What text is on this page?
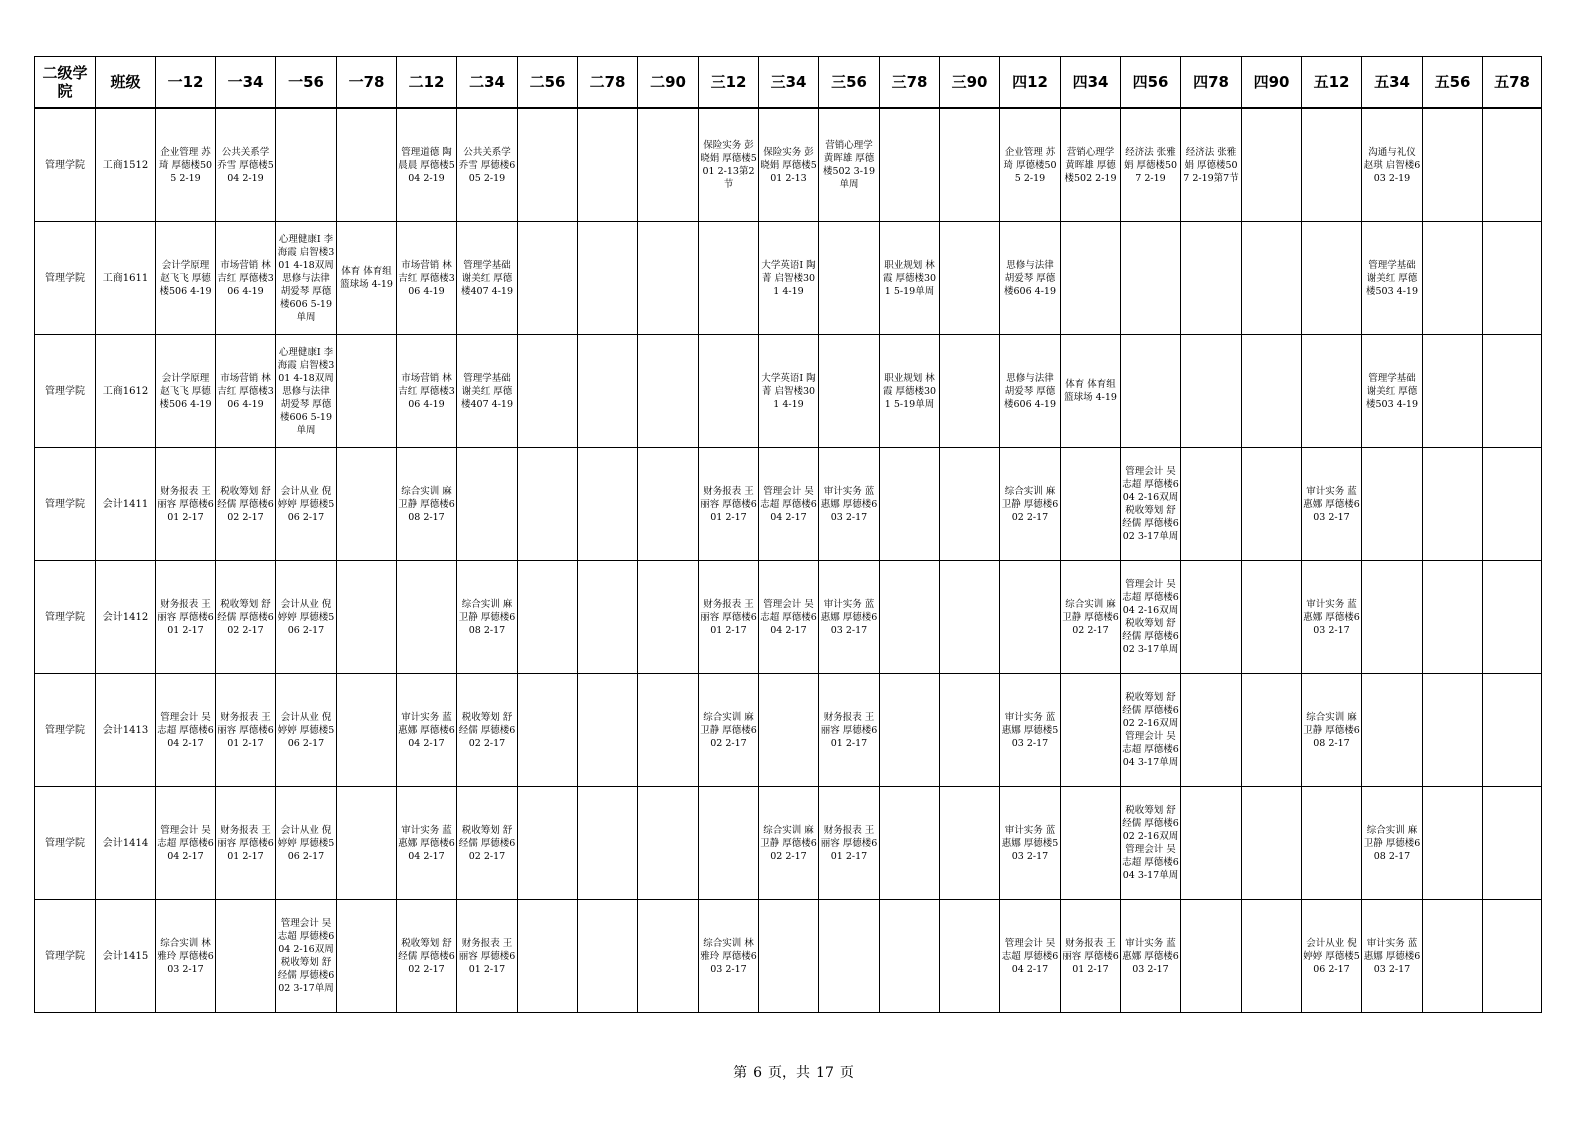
二级学院	班级	一12	一34	一56	一78	二12	二34	二56	二78	二90	三12	三34	三56	三78	三90	四12	四34	四56	四78	四90	五12	五34	五56	五78
管理学院	工商1512	企业管理 苏琦 厚德楼505 2-19	公共关系学 乔雪 厚德楼504 2-19			管理道德 陶晨晨 厚德楼504 2-19	公共关系学 乔雪 厚德楼605 2-19				保险实务 彭晓娟 厚德楼501 2-13第2节	保险实务 彭晓娟 厚德楼501 2-13	营销心理学 黄晖雄 厚德楼502 3-19单周			企业管理 苏琦 厚德楼505 2-19	营销心理学 黄晖雄 厚德楼502 2-19	经济法 张雅娟 厚德楼507 2-19	经济法 张雅娟 厚德楼507 2-19第7节			沟通与礼仪 赵琪 启智楼603 2-19		
管理学院	工商1611	会计学原理 赵飞飞 厚德楼506 4-19	市场营销 林吉红 厚德楼306 4-19	心理健康Ⅰ 李海霞 启智楼301 4-18双周 思修与法律 胡爱琴 厚德楼606 5-19单周	体育 体育组 篮球场 4-19	市场营销 林吉红 厚德楼306 4-19	管理学基础 谢美红 厚德楼407 4-19					大学英语Ⅰ 陶菁 启智楼301 4-19		职业规划 林霞 厚德楼301 5-19单周		思修与法律 胡爱琴 厚德楼606 4-19						管理学基础 谢美红 厚德楼503 4-19		
管理学院	工商1612	会计学原理 赵飞飞 厚德楼506 4-19	市场营销 林吉红 厚德楼306 4-19	心理健康Ⅰ 李海霞 启智楼301 4-18双周 思修与法律 胡爱琴 厚德楼606 5-19单周		市场营销 林吉红 厚德楼306 4-19	管理学基础 谢美红 厚德楼407 4-19					大学英语Ⅰ 陶菁 启智楼301 4-19		职业规划 林霞 厚德楼301 5-19单周		思修与法律 胡爱琴 厚德楼606 4-19	体育 体育组 篮球场 4-19					管理学基础 谢美红 厚德楼503 4-19		
管理学院	会计1411	财务报表 王丽容 厚德楼601 2-17	税收筹划 舒经儒 厚德楼602 2-17	会计从业 倪婷婷 厚德楼506 2-17		综合实训 麻卫静 厚德楼608 2-17					财务报表 王丽容 厚德楼601 2-17	管理会计 吴志超 厚德楼604 2-17	审计实务 蓝惠娜 厚德楼603 2-17			综合实训 麻卫静 厚德楼602 2-17		管理会计 吴志超 厚德楼604 2-16双周 税收筹划 舒经儒 厚德楼602 3-17单周			审计实务 蓝惠娜 厚德楼603 2-17			
管理学院	会计1412	财务报表 王丽容 厚德楼601 2-17	税收筹划 舒经儒 厚德楼602 2-17	会计从业 倪婷婷 厚德楼506 2-17			综合实训 麻卫静 厚德楼608 2-17				财务报表 王丽容 厚德楼601 2-17	管理会计 吴志超 厚德楼604 2-17	审计实务 蓝惠娜 厚德楼603 2-17				综合实训 麻卫静 厚德楼602 2-17	管理会计 吴志超 厚德楼604 2-16双周 税收筹划 舒经儒 厚德楼602 3-17单周			审计实务 蓝惠娜 厚德楼603 2-17			
管理学院	会计1413	管理会计 吴志超 厚德楼604 2-17	财务报表 王丽容 厚德楼601 2-17	会计从业 倪婷婷 厚德楼506 2-17		审计实务 蓝惠娜 厚德楼604 2-17	税收筹划 舒经儒 厚德楼602 2-17				综合实训 麻卫静 厚德楼602 2-17		财务报表 王丽容 厚德楼601 2-17			审计实务 蓝惠娜 厚德楼503 2-17		税收筹划 舒经儒 厚德楼602 2-16双周 管理会计 吴志超 厚德楼604 3-17单周			综合实训 麻卫静 厚德楼608 2-17			
管理学院	会计1414	管理会计 吴志超 厚德楼604 2-17	财务报表 王丽容 厚德楼601 2-17	会计从业 倪婷婷 厚德楼506 2-17		审计实务 蓝惠娜 厚德楼604 2-17	税收筹划 舒经儒 厚德楼602 2-17					综合实训 麻卫静 厚德楼602 2-17	财务报表 王丽容 厚德楼601 2-17			审计实务 蓝惠娜 厚德楼503 2-17		税收筹划 舒经儒 厚德楼602 2-16双周 管理会计 吴志超 厚德楼604 3-17单周				综合实训 麻卫静 厚德楼608 2-17		
管理学院	会计1415	综合实训 林雅玲 厚德楼603 2-17		管理会计 吴志超 厚德楼604 2-16双周 税收筹划 舒经儒 厚德楼602 3-17单周		税收筹划 舒经儒 厚德楼602 2-17	财务报表 王丽容 厚德楼601 2-17				综合实训 林雅玲 厚德楼603 2-17					管理会计 吴志超 厚德楼604 2-17	财务报表 王丽容 厚德楼601 2-17	审计实务 蓝惠娜 厚德楼603 2-17			会计从业 倪婷婷 厚德楼506 2-17	审计实务 蓝惠娜 厚德楼603 2-17		
第 6 页，共 17 页
